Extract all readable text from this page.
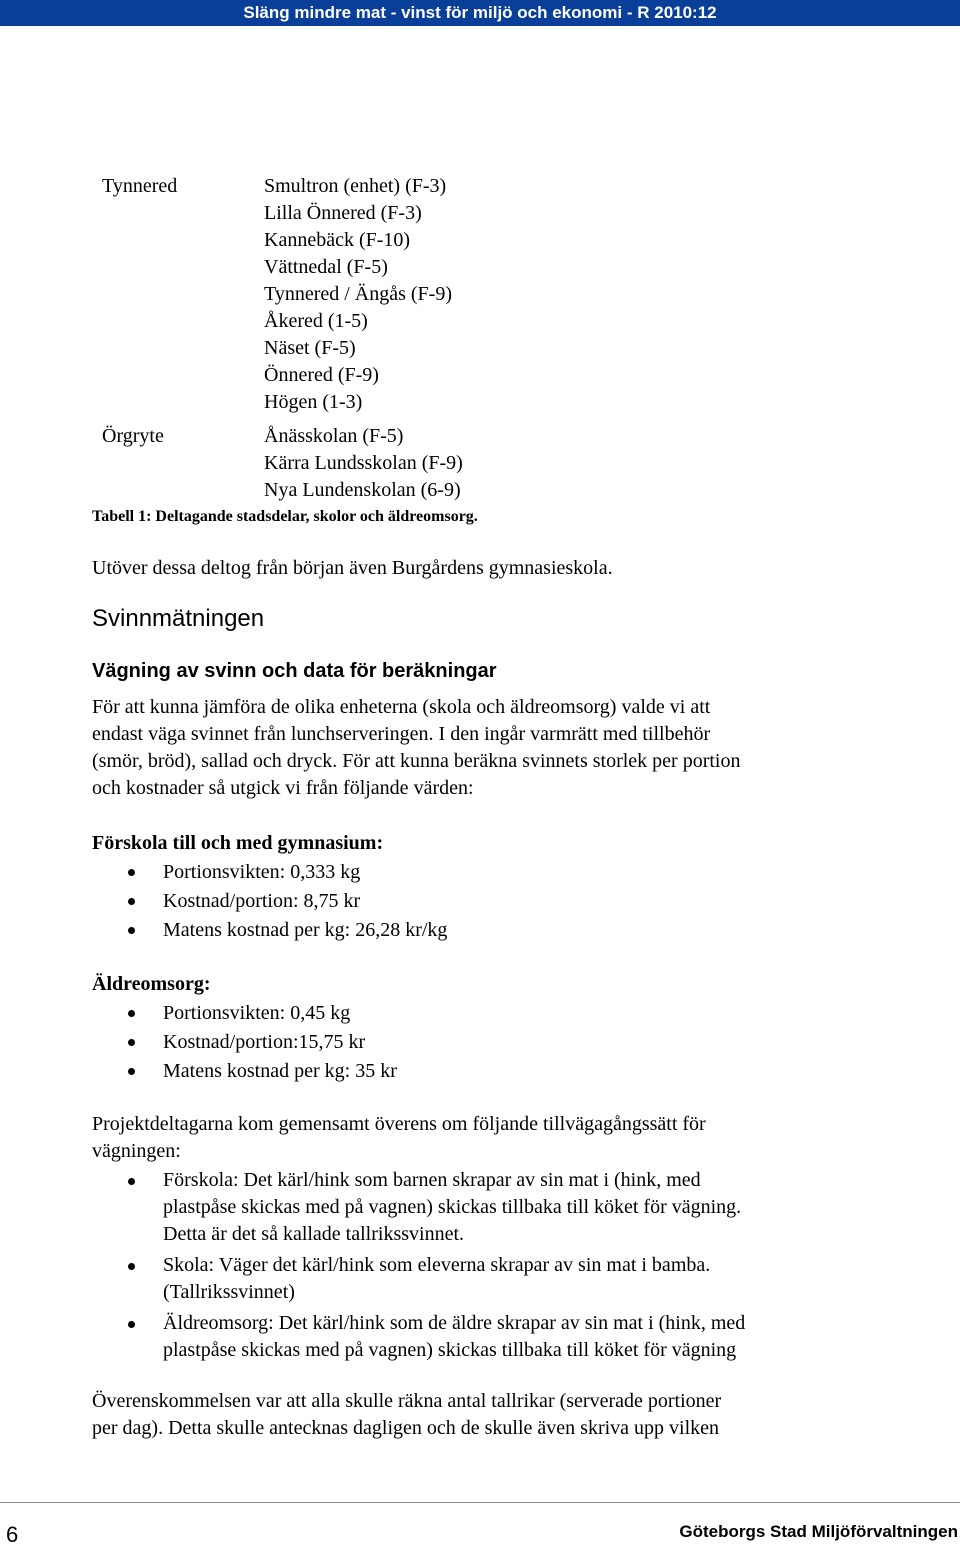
Släng mindre mat - vinst för miljö och ekonomi - R 2010:12
Tynnered	Smultron (enhet) (F-3)
Lilla Önnered (F-3)
Kannebäck (F-10)
Vättnedal (F-5)
Tynnered / Ängås (F-9)
Åkered (1-5)
Näset (F-5)
Önnered (F-9)
Högen (1-3)
Örgryte	Ånässkolan (F-5)
Kärra Lundsskolan (F-9)
Nya Lundenskolan (6-9)
Tabell 1: Deltagande stadsdelar, skolor och äldreomsorg.
Utöver dessa deltog från början även Burgårdens gymnasieskola.
Svinnmätningen
Vägning av svinn och data för beräkningar
För att kunna jämföra de olika enheterna (skola och äldreomsorg) valde vi att
endast väga svinnet från lunchserveringen. I den ingår varmrätt med tillbehör
(smör, bröd), sallad och dryck. För att kunna beräkna svinnets storlek per portion
och kostnader så utgick vi från följande värden:
Förskola till och med gymnasium:
Portionsvikten: 0,333 kg
Kostnad/portion: 8,75 kr
Matens kostnad per kg: 26,28 kr/kg
Äldreomsorg:
Portionsvikten: 0,45 kg
Kostnad/portion:15,75 kr
Matens kostnad per kg: 35 kr
Projektdeltagarna kom gemensamt överens om följande tillvägagångssätt för
vägningen:
Förskola: Det kärl/hink som barnen skrapar av sin mat i (hink, med
plastpåse skickas med på vagnen) skickas tillbaka till köket för vägning.
Detta är det så kallade tallrikssvinnet.
Skola: Väger det kärl/hink som eleverna skrapar av sin mat i bamba.
(Tallrikssvinnet)
Äldreomsorg: Det kärl/hink som de äldre skrapar av sin mat i (hink, med
plastpåse skickas med på vagnen) skickas tillbaka till köket för vägning
Överenskommelsen var att alla skulle räkna antal tallrikar (serverade portioner
per dag). Detta skulle antecknas dagligen och de skulle även skriva upp vilken
6	Göteborgs Stad Miljöförvaltningen
